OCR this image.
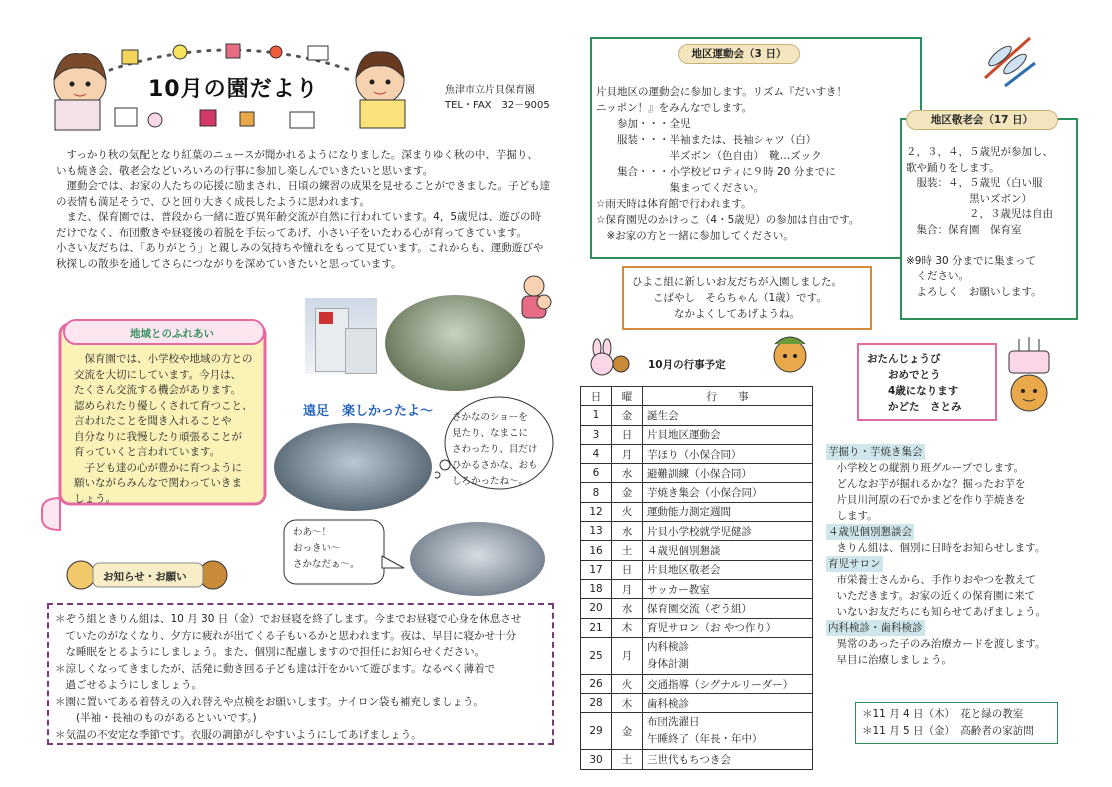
10月の園だより	魚津市立片貝保育園
TEL・FAX　32－9005
　すっかり秋の気配となり紅葉のニュースが聞かれるようになりました。深まりゆく秋の中、芋掘り、
いも焼き会、敬老会などいろいろの行事に参加し楽しんでいきたいと思います。
　運動会では、お家の人たちの応援に励まされ、日頃の練習の成果を見せることができました。子ども達
の表情も満足そうで、ひと回り大きく成長したように思われます。
　また、保育園では、普段から一緒に遊び異年齢交流が自然に行われています。4，5歳児は、遊びの時
だけでなく、布団敷きや昼寝後の着脱を手伝ってあげ、小さい子をいたわる心が育ってきています。
小さい友だちは、「ありがとう」と親しみの気持ちや憧れをもって見ています。これからも、運動遊びや
秋探しの散歩を通してさらにつながりを深めていきたいと思っています。
地域とのふれあい
　保育園では、小学校や地域の方との
交流を大切にしています。今月は、
たくさん交流する機会があります。
認められたり優しくされて育つこと、
言われたことを聞き入れることや
自分なりに我慢したり頑張ることが
育っていくと言われています。
　子ども達の心が豊かに育つように
願いながらみんなで関わっていきま
しょう。
遠足　楽しかったよ～ さかなのショーを
見たり、なまこに
さわったり、目だけ
ひかるさかな、おも
しろかったね～。
わあ～！
おっきい～
さかなだぁ～。
お知らせ・お願い
＊ぞう組ときりん組は、10 月 30 日（金）でお昼寝を終了します。今までお昼寝で心身を休息させ
　ていたのがなくなり、夕方に疲れが出てくる子もいるかと思われます。夜は、早目に寝かせ十分
　な睡眠をとるようにしましょう。また、個別に配慮しますので担任にお知らせください。
＊涼しくなってきましたが、活発に動き回る子ども達は汗をかいて遊びます。なるべく薄着で
　過ごせるようにしましょう。
＊園に置いてある着替えの入れ替えや点検をお願いします。ナイロン袋も補充しましょう。
　　(半袖・長袖のものがあるといいです。)
＊気温の不安定な季節です。衣服の調節がしやすいようにしてあげましょう。
地区運動会（3 日）
片貝地区の運動会に参加します。リズム『だいすき！
ニッポン！』をみんなでします。
　　参加・・・全児
　　服装・・・半袖または、長袖シャツ（白）
　　　　　　　半ズボン（色自由）　靴…ズック
　　集合・・・小学校ピロティに９時 20 分までに
　　　　　　　集まってください。
☆雨天時は体育館で行われます。
☆保育園児のかけっこ（4・5歳児）の参加は自由です。
　※お家の方と一緒に参加してください。
地区敬老会（17 日）
２，３，４，５歳児が参加し、
歌や踊りをします。
　服装：４，５歳児（白い服
　　　　　　黒いズボン）
　　　　　　２，３歳児は自由
　集合：保育園　保育室
※9時 30 分までに集まって
　ください。
　よろしく　お願いします。
ひよこ組に新しいお友だちが入園しました。
　　こばやし　そらちゃん（1歳）です。
　　　　なかよくしてあげようね。
10月の行事予定
日	曜	行　　事
1	金	誕生会
3	日	片貝地区運動会
4	月	芋ほり（小保合同）
6	水	避難訓練（小保合同）
8	金	芋焼き集会（小保合同）
12	火	運動能力測定週間
13	水	片貝小学校就学児健診
16	土	４歳児個別懇談
17	日	片貝地区敬老会
18	月	サッカー教室
20	水	保育園交流（ぞう組）
21	木	育児サロン（お やつ作り）
25	月	内科検診
身体計測
26	火	交通指導（シグナルリーダー）
28	木	歯科検診
29	金	布団洗濯日
午睡終了（年長・年中）
30	土	三世代もちつき会
おたんじょうび
　　おめでとう
　　4歳になります
　　かどた　さとみ
芋掘り・芋焼き集会
　小学校との縦割り班グループでします。
　どんなお芋が掘れるかな？掘ったお芋を
　片貝川河原の石でかまどを作り芋焼きを
　します。
４歳児個別懇談会
　きりん組は、個別に日時をお知らせします。
育児サロン
　市栄養士さんから、手作りおやつを教えて
　いただきます。お家の近くの保育園に来て
　いないお友だちにも知らせてあげましょう。
内科検診・歯科検診
　異常のあった子のみ治療カードを渡します。
　早目に治療しましょう。
＊11 月 4 日（木）　花と緑の教室
＊11 月 5 日（金）　高齢者の家訪問
